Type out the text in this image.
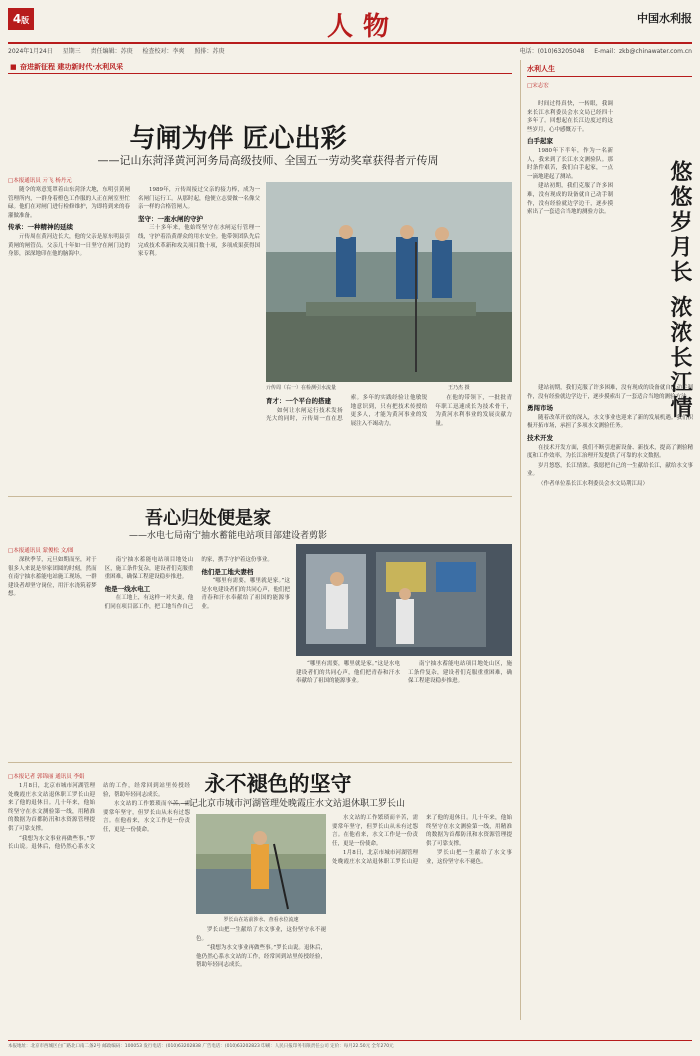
4版	人物	中国水利报
2024年1月24日 星期三 责任编辑：苏庚 检查校对：李爽 照排：苏庚	电话：(010)63205048 E-mail：zkb@chinawater.com.cn
■ 奋进新征程 建功新时代·水利风采
与闸为伴 匠心出彩
——记山东菏泽黄河河务局高级技师、全国五一劳动奖章获得者亓传周
□本报通讯员 亓飞 杨丹元

随令的寒意笼罩着山东菏泽大地，东明引黄闸管理所内，一群身着橙色工作服的人正在闸室里忙碌。他们在对闸门进行检修维护，为即将到来的春灌做准备。

传承：一种精神的延续

亓传周在黄河边长大，他的父亲是原东明县引黄闸的闸管员。父亲几十年如一日坚守在闸门边的身影，深深地印在他的脑海中。

1989年，亓传周接过父亲的接力棒，成为一名闸门运行工。从那时起，他便立志要做一名像父亲一样的合格管闸人。

坚守：一座水闸的守护

三十多年来，他始终坚守在水闸运行管理一线，守护着沿黄群众的用水安全。他带领团队先后完成技术革新和攻关项目数十项，多项成果获得国家专利。

亓传周（右一）在检测引水流量	王乃杰 摄

育才：一个平台的搭建

如何让水闸运行技术发扬光大的同时，亓传周一直在思索。多年的实践经验让他敏锐地意识到，只有把技术传授给更多人，才能为黄河事业的发展注入不竭动力。

在他的带领下，一批批青年职工迅速成长为技术骨干，为黄河水利事业的发展贡献力量。

吾心归处便是家
——水电七局南宁抽水蓄能电站项目部建设者剪影
□本报通讯员 蒙俊松 文/图

深秋季节，元旦如期而至，对于很多人来说是举家团圆的时刻，然而在南宁抽水蓄能电站施工现场，一群建设者却坚守岗位，用汗水浇筑着梦想。

南宁抽水蓄能电站项目地处山区，施工条件复杂，建设者们克服重重困难，确保工程建设稳步推进。

他是一线水电工

在工地上，有这样一对夫妻，他们同在项目部工作，把工地当作自己的家，携手守护着这份事业。

他们是工地夫妻档

“哪里有需要，哪里就是家。”这是水电建设者们的共同心声，他们把青春和汗水奉献给了祖国的能源事业。

“哪里有需要，哪里就是家。”这是水电建设者们的共同心声，他们把青春和汗水奉献给了祖国的能源事业。

南宁抽水蓄能电站项目地处山区，施工条件复杂，建设者们克服重重困难，确保工程建设稳步推进。

永不褪色的坚守
——记北京市城市河湖管理处晚霞庄水文站退休职工罗长山
□本报记者 郭锦丽 通讯员 李娟

1月8日，北京市城市河湖管理处晚霞庄水文站退休职工罗长山迎来了他的退休日。几十年来，他始终坚守在水文测验第一线，用精准的数据为首都防汛和水资源管理提供了可靠支撑。

“我想为水文事业再做些事。”罗长山说。退休后，他仍然心系水文站的工作，经常回到站里传授经验，帮助年轻同志成长。

水文站的工作繁琐而辛苦，需要常年坚守，但罗长山从未有过怨言。在他看来，水文工作是一份责任，更是一份使命。

罗长山在站前涉水、查看水位流速

罗长山把一生献给了水文事业，这份坚守永不褪色。

“我想为水文事业再做些事。”罗长山说。退休后，他仍然心系水文站的工作，经常回到站里传授经验，帮助年轻同志成长。

水文站的工作繁琐而辛苦，需要常年坚守，但罗长山从未有过怨言。在他看来，水文工作是一份责任，更是一份使命。

1月8日，北京市城市河湖管理处晚霞庄水文站退休职工罗长山迎来了他的退休日。几十年来，他始终坚守在水文测验第一线，用精准的数据为首都防汛和水资源管理提供了可靠支撑。

罗长山把一生献给了水文事业，这份坚守永不褪色。

水利人生
□宋志宏
悠悠岁月长 浓浓长江情

时间过得真快，一转眼，我调来长江水利委员会水文局已经四十多年了。回想起在长江边度过的这些岁月，心中感慨万千。

白手起家

1980年下半年，作为一名新人，我来到了长江水文测验队。那时条件艰苦，我们白手起家，一点一滴地建起了测站。

建站初期，我们克服了许多困难，没有现成的设备就自己动手制作，没有经验就边学边干，逐步摸索出了一套适合当地的测验方法。

建站初期，我们克服了许多困难，没有现成的设备就自己动手制作，没有经验就边学边干，逐步摸索出了一套适合当地的测验方法。

勇闯市场

随着改革开放的深入，水文事业也迎来了新的发展机遇。我们积极开拓市场，承担了多项水文测验任务。

技术开发

在技术开发方面，我们不断引进新设备、新技术，提高了测验精度和工作效率，为长江治理开发提供了可靠的水文数据。

岁月悠悠，长江情浓。我愿把自己的一生献给长江，献给水文事业。

（作者单位系长江水利委员会水文局荆江局）

本报地址：北京市西城区白广路北口南二条2号 邮政编码：100053 发行电话：(010)63202838 广告电话：(010)63202823 印刷：人民日报印务有限责任公司 定价：每月22.50元 全年270元
